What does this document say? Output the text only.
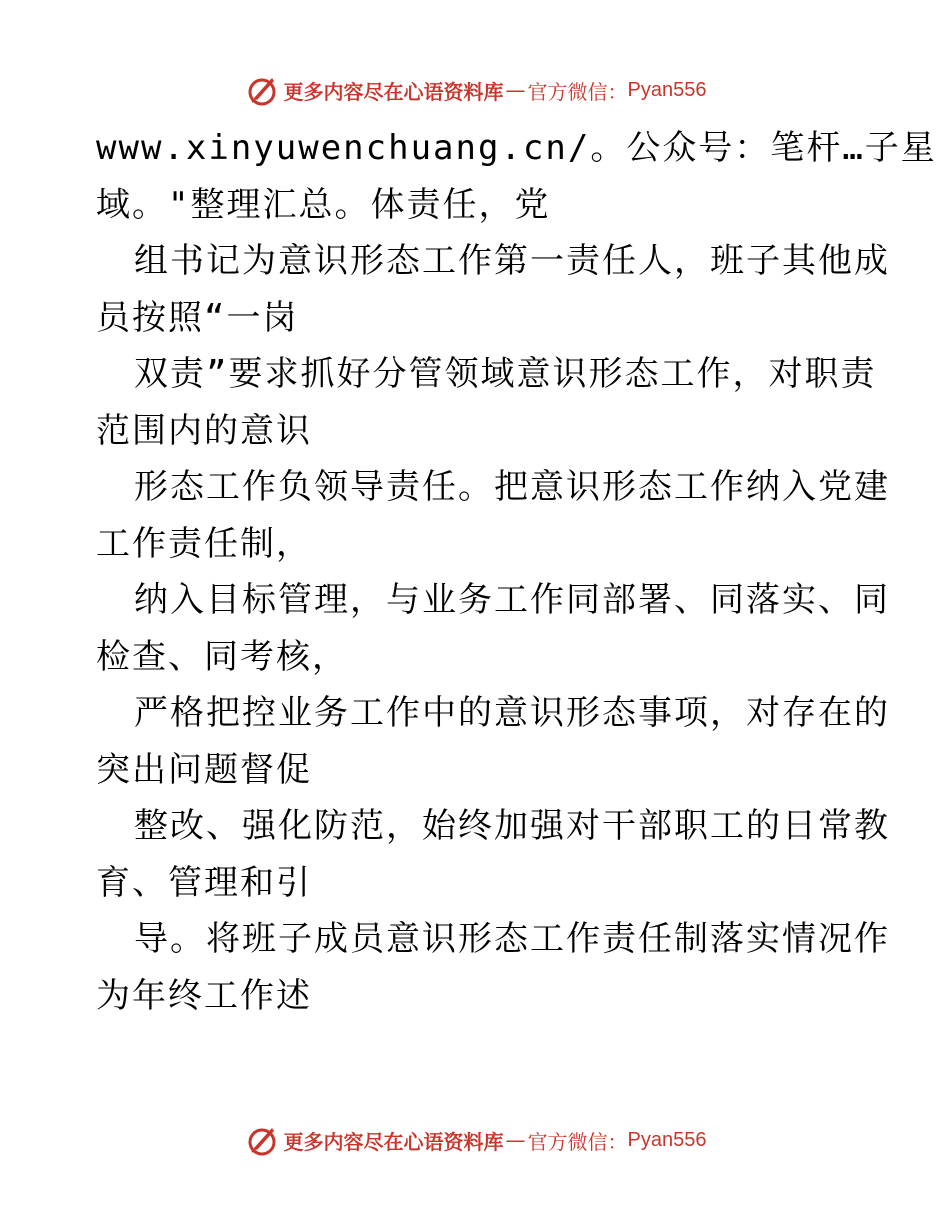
更多内容尽在心语资料库 — 官方微信： Pyan556
www.xinyuwenchuang.cn/。公众号：笔杆…子星
域。"整理汇总。体责任，党
组书记为意识形态工作第一责任人，班子其他成
员按照“一岗
双责”要求抓好分管领域意识形态工作，对职责
范围内的意识
形态工作负领导责任。把意识形态工作纳入党建
工作责任制，
纳入目标管理，与业务工作同部署、同落实、同
检查、同考核，
严格把控业务工作中的意识形态事项，对存在的
突出问题督促
整改、强化防范，始终加强对干部职工的日常教
育、管理和引
导。将班子成员意识形态工作责任制落实情况作
为年终工作述
更多内容尽在心语资料库 — 官方微信： Pyan556
